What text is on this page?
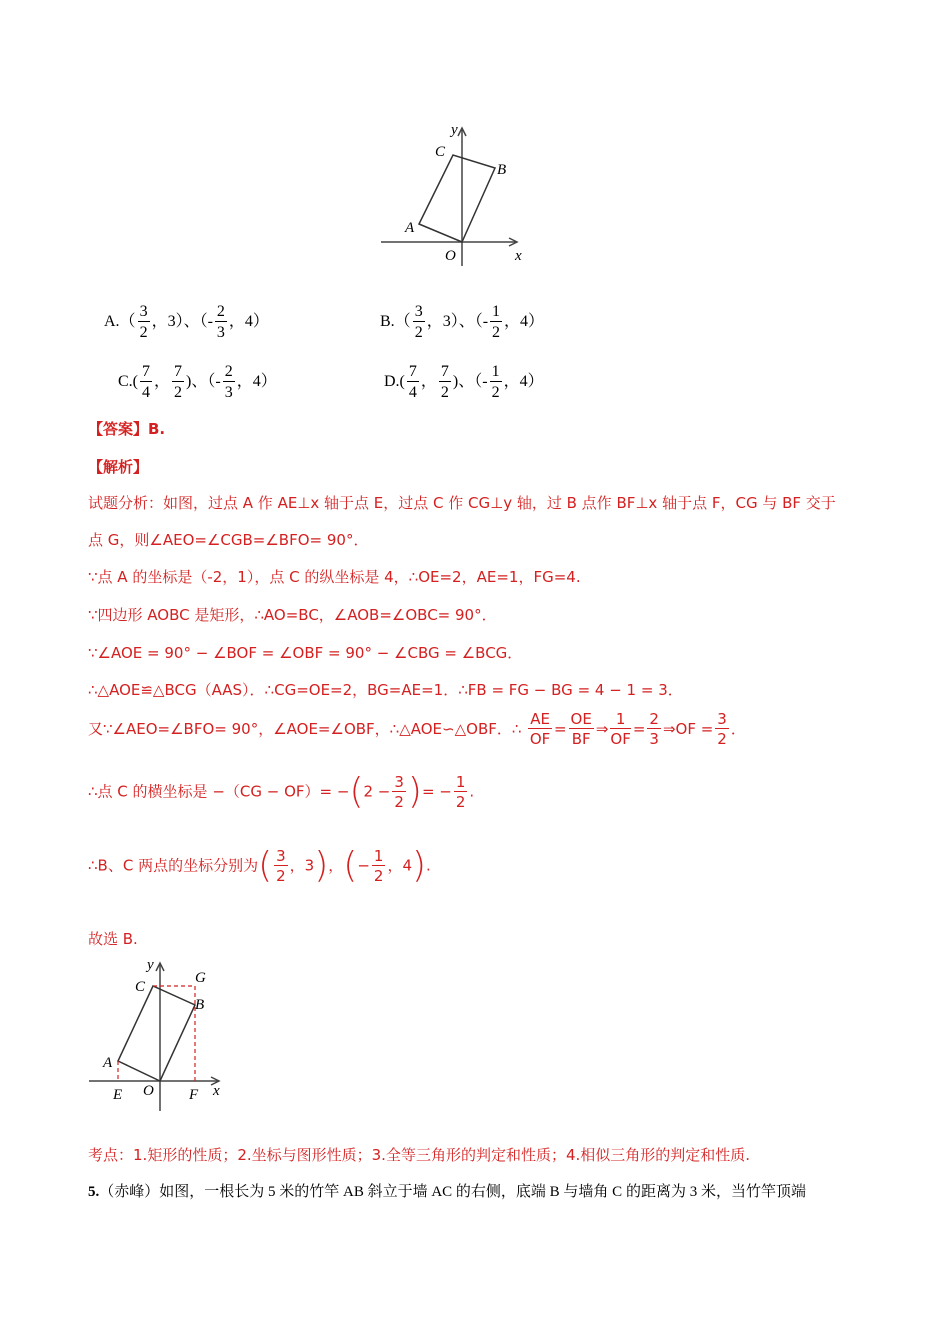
y
C
B
A
O	x
$A.( \frac{3}{2}$ ，3）、（- $\frac{2}{3}$ ，4）	$B.( \frac{3}{2}$ ，3）、（- $\frac{1}{2}$ ，4）
$C.( \frac{7}{4}$ ， $\frac{7}{2}$ )、（- $\frac{2}{3}$ ，4）	$D.( \frac{7}{4}$ ， $\frac{7}{2}$ )、（- $\frac{1}{2}$ ，4）
【答案】B.
【解析】
试题分析：如图，过点 A 作 AE⊥x 轴于点 E，过点 C 作 CG⊥y 轴，过 B 点作 BF⊥x 轴于点 F，CG 与 BF 交于
点 G，则∠AEO=∠CGB=∠BFO= 90°．
∵点 A 的坐标是（-2，1），点 C 的纵坐标是 4，∴OE=2，AE=1，FG=4.
∵四边形 AOBC 是矩形，∴AO=BC，∠AOB=∠OBC= 90°．
∵∠AOE = 90° − ∠BOF = ∠OBF = 90° − ∠CBG = ∠BCG．
∴△AOE≌△BCG（AAS）．∴CG=OE=2，BG=AE=1．∴FB = FG − BG = 4 − 1 = 3．
又∵∠AEO=∠BFO= 90°，∠AOE=∠OBF，∴△AOE∽△OBF．∴ $\frac{AE}{OF} = \frac{OE}{BF}$ ⇒ $\frac{1}{OF} = \frac{2}{3}$ ⇒OF = $\frac{3}{2}$ ．
∴点 C 的横坐标是 $-(CG - OF)= -(2 - \frac{3}{2}$ )= − $\frac{1}{2}$ .
∴B、C 两点的坐标分别为( $\frac{3}{2}$ ，3)，(− $\frac{1}{2}$ ，4).
故选 B.
y
C
G
B
A
E O F x
考点：1.矩形的性质；2.坐标与图形性质；3.全等三角形的判定和性质；4.相似三角形的判定和性质.
5.（赤峰）如图，一根长为 5 米的竹竿 AB 斜立于墙 AC 的右侧，底端 B 与墙角 C 的距离为 3 米，当竹竿顶端
